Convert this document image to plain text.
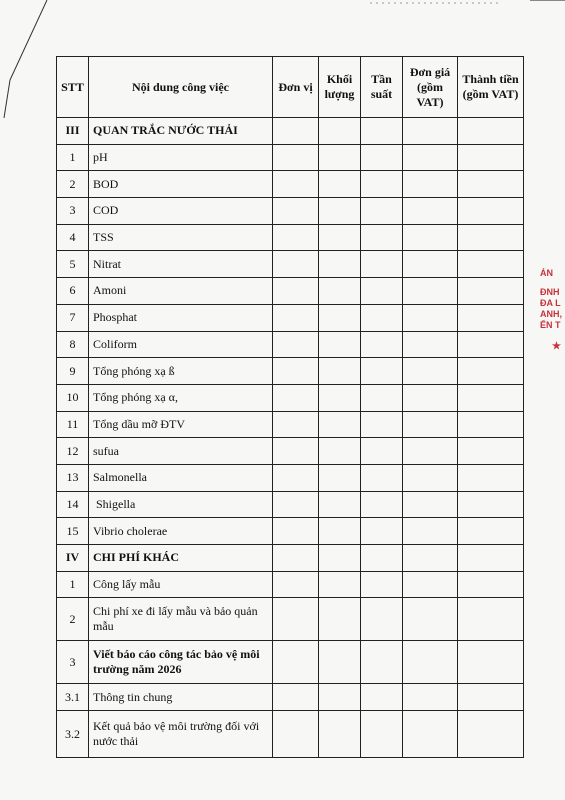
STT	Nội dung công việc	Đơn vị	Khối lượng	Tần suất	Đơn giá (gồm VAT)	Thành tiền (gồm VAT)
III	QUAN TRẮC NƯỚC THẢI					
1	pH					
2	BOD					
3	COD					
4	TSS					
5	Nitrat					
6	Amoni					
7	Phosphat					
8	Coliform					
9	Tổng phóng xạ ß					
10	Tổng phóng xạ α,					
11	Tổng dầu mỡ ĐTV					
12	sufua					
13	Salmonella					
14	Shigella					
15	Vibrio cholerae					
IV	CHI PHÍ KHÁC					
1	Công lấy mẫu					
2	Chi phí xe đi lấy mẫu và bảo quản mẫu					
3	Viết báo cáo công tác bảo vệ môi trường năm 2026					
3.1	Thông tin chung					
3.2	Kết quả bảo vệ môi trường đối với nước thải					
ẢN
ĐNH
ĐA L
ANH,
ẾN T
★
